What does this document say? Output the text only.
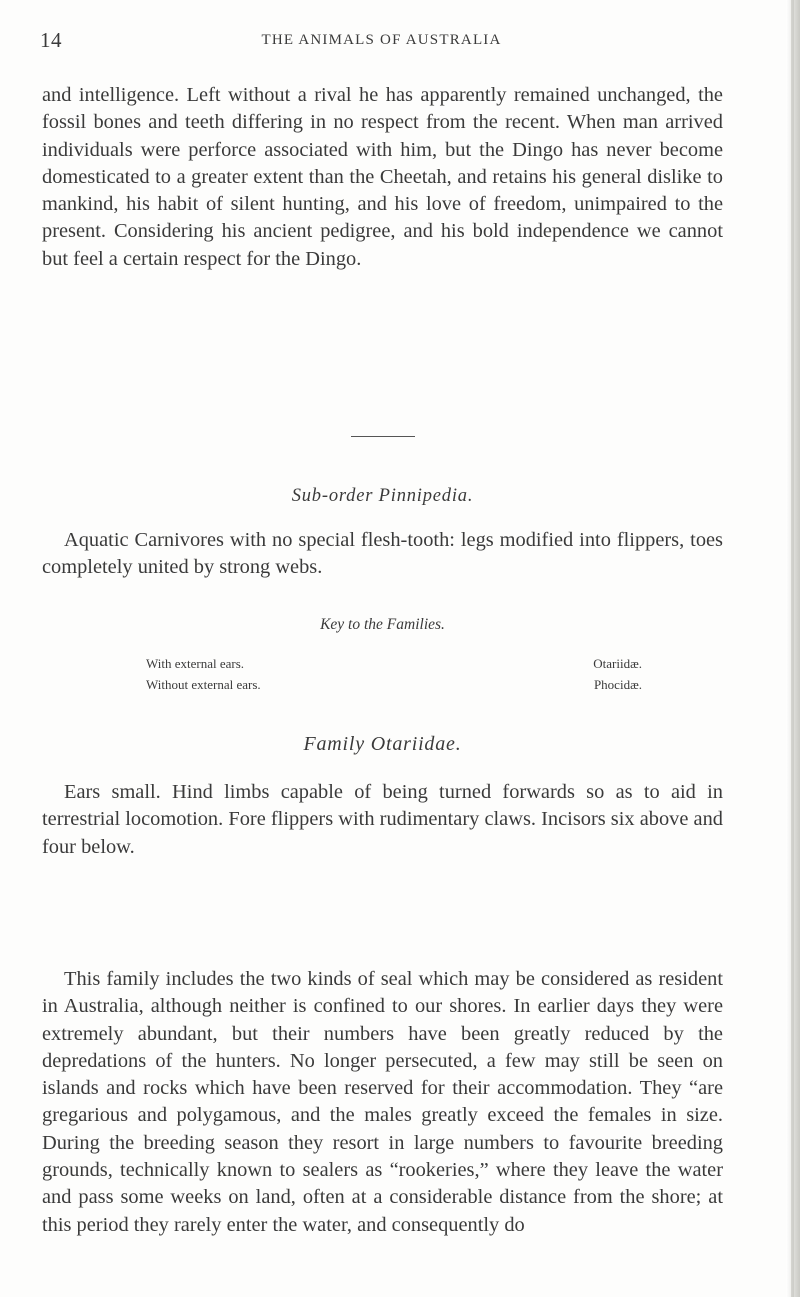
14	THE ANIMALS OF AUSTRALIA

and intelligence. Left without a rival he has apparently remained unchanged, the fossil bones and teeth differing in no respect from the recent. When man arrived individuals were perforce associated with him, but the Dingo has never become domesticated to a greater extent than the Cheetah, and retains his general dislike to mankind, his habit of silent hunting, and his love of freedom, unimpaired to the present. Considering his ancient pedigree, and his bold independence we cannot but feel a certain respect for the Dingo.

Sub-order Pinnipedia.

Aquatic Carnivores with no special flesh-tooth: legs modified into flippers, toes completely united by strong webs.

Key to the Families.
With external ears.	Otariidæ.
Without external ears.	Phocidæ.
Family Otariidae.

Ears small. Hind limbs capable of being turned forwards so as to aid in terrestrial locomotion. Fore flippers with rudimentary claws. Incisors six above and four below.

This family includes the two kinds of seal which may be considered as resident in Australia, although neither is confined to our shores. In earlier days they were extremely abundant, but their numbers have been greatly reduced by the depredations of the hunters. No longer persecuted, a few may still be seen on islands and rocks which have been reserved for their accommodation. They “are gregarious and polygamous, and the males greatly exceed the females in size. During the breeding season they resort in large numbers to favourite breeding grounds, technically known to sealers as “rookeries,” where they leave the water and pass some weeks on land, often at a considerable distance from the shore; at this period they rarely enter the water, and consequently do
